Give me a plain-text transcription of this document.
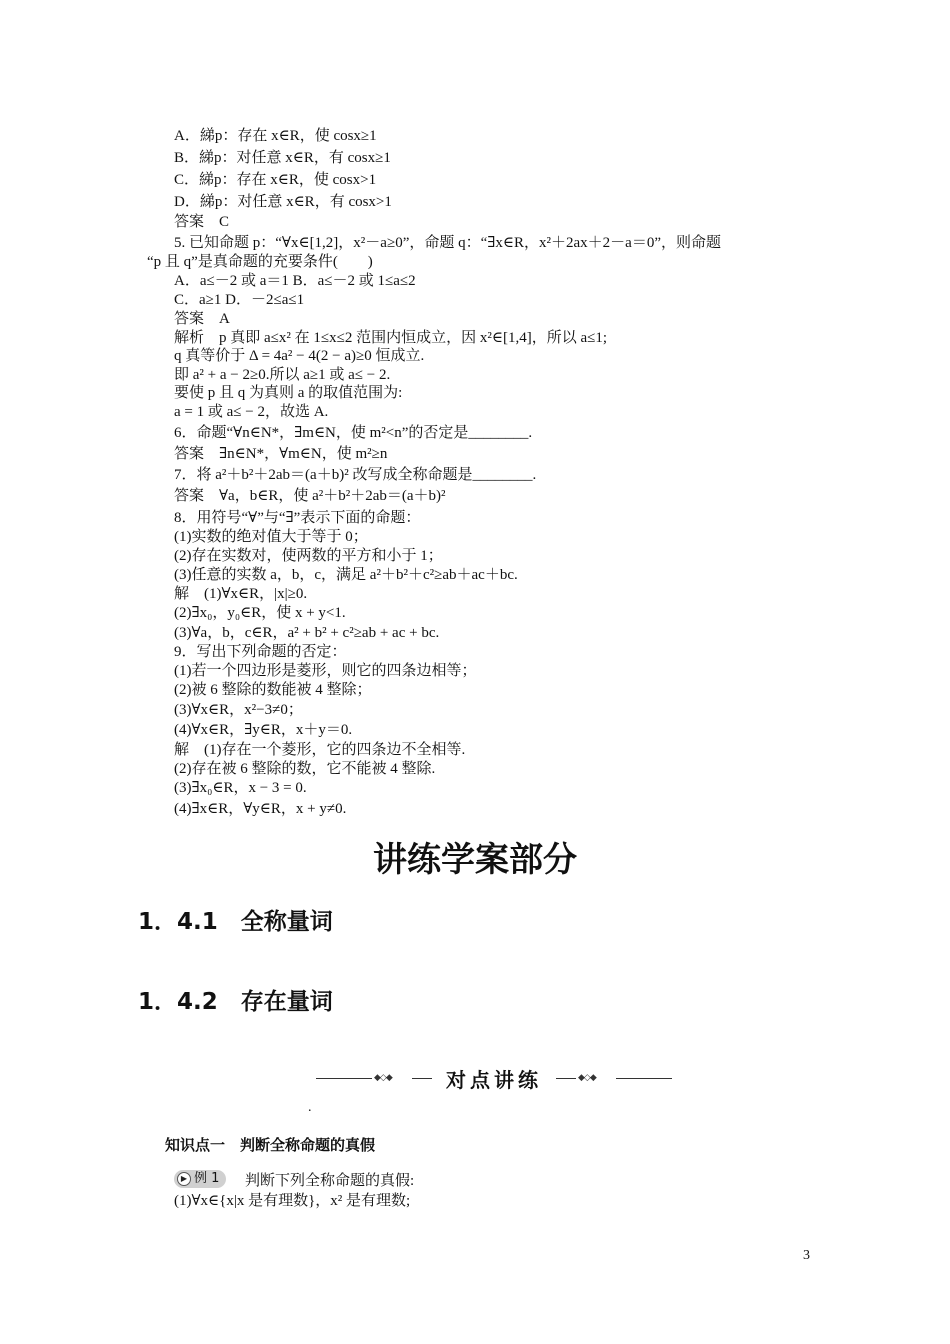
A．綈p：存在 x∈R，使 cosx≥1
B．綈p：对任意 x∈R，有 cosx≥1
C．綈p：存在 x∈R，使 cosx>1
D．綈p：对任意 x∈R，有 cosx>1
答案　C
5. 已知命题 p：“∀x∈[1,2]，x²－a≥0”，命题 q：“∃x∈R，x²＋2ax＋2－a＝0”，则命题
“p 且 q”是真命题的充要条件(　　)
A．a≤－2 或 a＝1 B．a≤－2 或 1≤a≤2
C．a≥1 D．－2≤a≤1
答案　A
解析　p 真即 a≤x² 在 1≤x≤2 范围内恒成立，因 x²∈[1,4]，所以 a≤1;
q 真等价于 Δ = 4a² − 4(2 − a)≥0 恒成立.
即 a² + a − 2≥0.所以 a≥1 或 a≤ − 2.
要使 p 且 q 为真则 a 的取值范围为:
a = 1 或 a≤ − 2，故选 A.
6．命题“∀n∈N*，∃m∈N，使 m²<n”的否定是________.
答案　∃n∈N*，∀m∈N，使 m²≥n
7．将 a²＋b²＋2ab＝(a＋b)² 改写成全称命题是________.
答案　∀a，b∈R，使 a²＋b²＋2ab＝(a＋b)²
8．用符号“∀”与“∃”表示下面的命题：
(1)实数的绝对值大于等于 0；
(2)存在实数对，使两数的平方和小于 1；
(3)任意的实数 a，b，c，满足 a²＋b²＋c²≥ab＋ac＋bc.
解　(1)∀x∈R，|x|≥0.
(2)∃x₀，y₀∈R，使 x + y<1.
(3)∀a，b，c∈R，a² + b² + c²≥ab + ac + bc.
9．写出下列命题的否定：
(1)若一个四边形是菱形，则它的四条边相等；
(2)被 6 整除的数能被 4 整除；
(3)∀x∈R，x²−3≠0；
(4)∀x∈R，∃y∈R，x＋y＝0.
解　(1)存在一个菱形，它的四条边不全相等.
(2)存在被 6 整除的数，它不能被 4 整除.
(3)∃x₀∈R，x − 3 = 0.
(4)∃x∈R，∀y∈R，x + y≠0.
讲练学案部分
1．4.1　全称量词
1．4.2　存在量词
◆◇◆	对点讲练	◆◇◆
.
知识点一　判断全称命题的真假
▶ 例 1 判断下列全称命题的真假:
(1)∀x∈{x|x 是有理数}，x² 是有理数;
3
